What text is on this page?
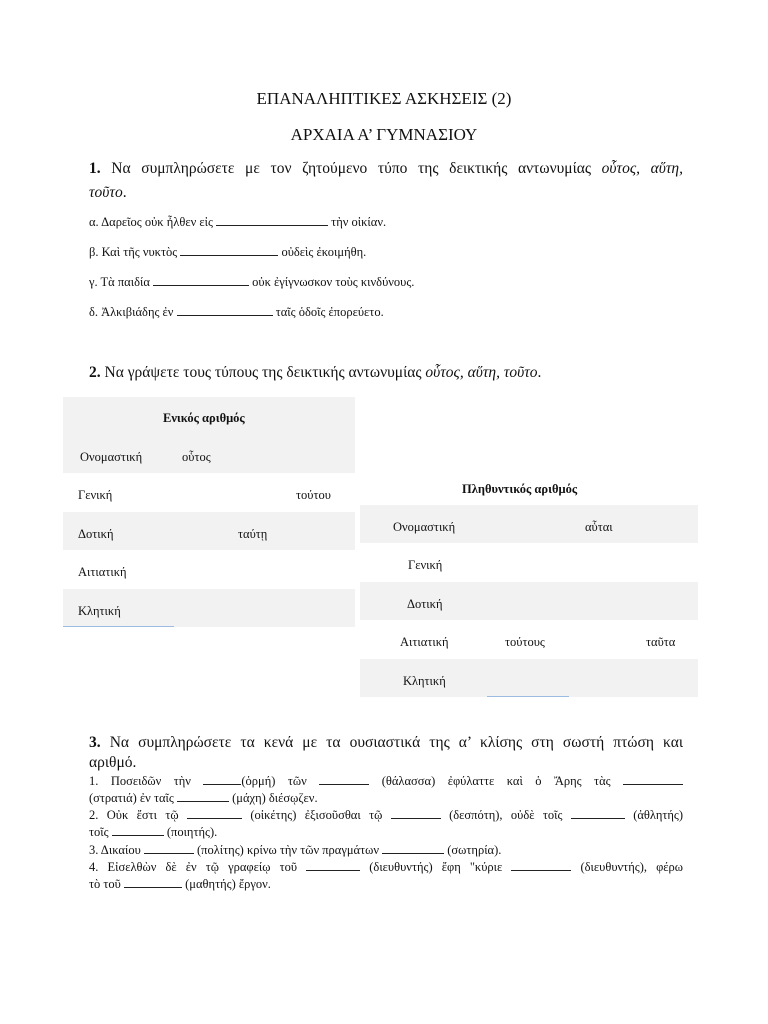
ΕΠΑΝΑΛΗΠΤΙΚΕΣ ΑΣΚΗΣΕΙΣ (2)
ΑΡΧΑΙΑ Α’ ΓΥΜΝΑΣΙΟΥ
1. Να συμπληρώσετε με τον ζητούμενο τύπο της δεικτικής αντωνυμίας οὗτος, αὕτη,
τοῦτο.
α. Δαρεῖος οὐκ ἦλθεν εἰς	τὴν οἰκίαν.
β. Καὶ τῆς νυκτὸς	οὐδεὶς ἐκοιμήθη.
γ. Τὰ παιδία	οὐκ ἐγίγνωσκον τοὺς κινδύνους.
δ. Ἀλκιβιάδης ἐν	ταῖς ὁδοῖς ἐπορεύετο.
2. Να γράψετε τους τύπους της δεικτικής αντωνυμίας οὗτος, αὕτη, τοῦτο.
Ενικός αριθμός
Ονομαστική	οὗτος
Γενική	τούτου
Δοτική	ταύτῃ
Αιτιατική
Κλητική
Πληθυντικός αριθμός
Ονομαστική	αὗται
Γενική
Δοτική
Αιτιατική	τούτους	ταῦτα
Κλητική
3. Να συμπληρώσετε τα κενά με τα ουσιαστικά της α’ κλίσης στη σωστή πτώση και
αριθμό.
1. Ποσειδῶν τὴν	(ὁρμή) τῶν	(θάλασσα) ἐφύλαττε καὶ ὁ Ἄρης τὰς
(στρατιά) ἐν ταῖς	(μάχη) διέσῳζεν.
2. Οὐκ ἔστι τῷ	(οἰκέτης) ἐξισοῦσθαι τῷ	(δεσπότη), οὐδὲ τοῖς	(ἀθλητής)
τοῖς	(ποιητής).
3. Δικαίου	(πολίτης) κρίνω τὴν τῶν πραγμάτων	(σωτηρία).
4. Εἰσελθὼν δὲ ἐν τῷ γραφείῳ τοῦ	(διευθυντής) ἔφη "κύριε	(διευθυντής), φέρω
τὸ τοῦ	(μαθητής) ἔργον.
